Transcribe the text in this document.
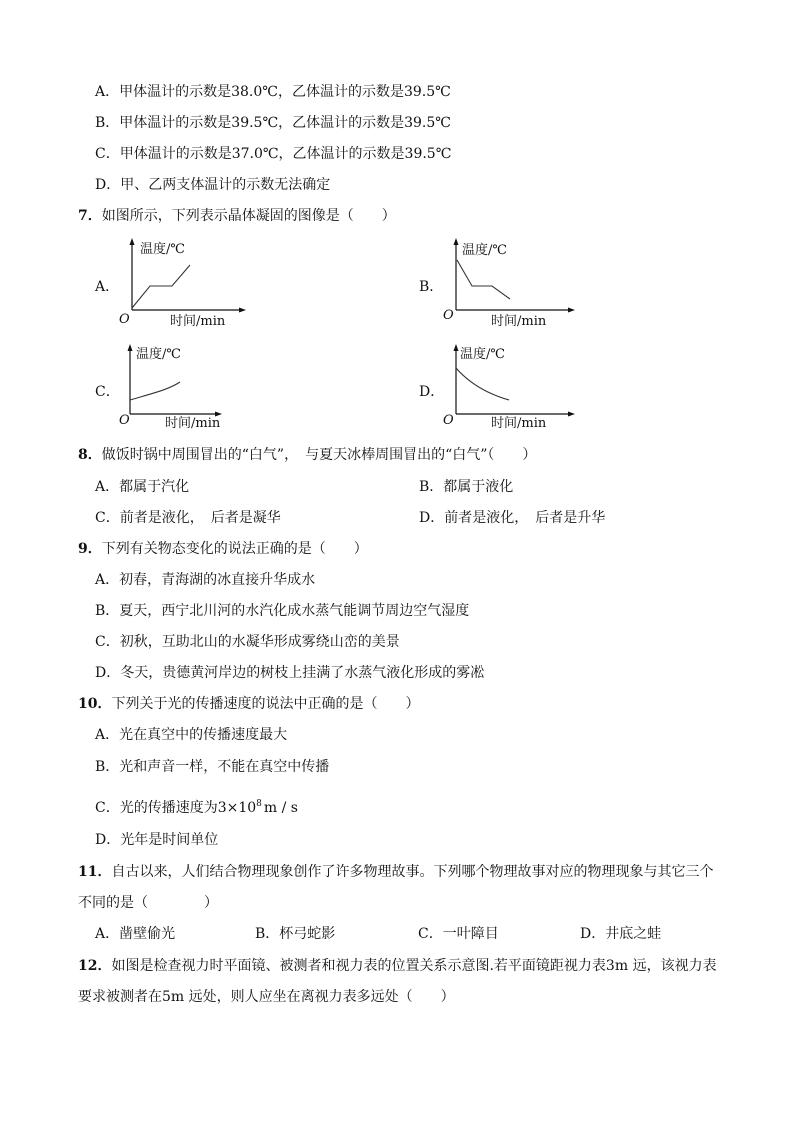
A．甲体温计的示数是38.0℃，乙体温计的示数是39.5℃
B．甲体温计的示数是39.5℃，乙体温计的示数是39.5℃
C．甲体温计的示数是37.0℃，乙体温计的示数是39.5℃
D．甲、乙两支体温计的示数无法确定
7．如图所示，下列表示晶体凝固的图像是（　　）
A．
温度/℃
时间/min
O
B．
温度/℃
时间/min
O
C．
温度/℃
时间/min
O
D．
温度/℃
时间/min
O
8．做饭时锅中周围冒出的“白气”，　与夏天冰棒周围冒出的“白气”（　　）
A．都属于汽化	B．都属于液化
C．前者是液化，　后者是凝华	D．前者是液化，　后者是升华
9．下列有关物态变化的说法正确的是（　　）
A．初春，青海湖的冰直接升华成水
B．夏天，西宁北川河的水汽化成水蒸气能调节周边空气湿度
C．初秋，互助北山的水凝华形成雾绕山峦的美景
D．冬天，贵德黄河岸边的树枝上挂满了水蒸气液化形成的雾凇
10．下列关于光的传播速度的说法中正确的是（　　）
A．光在真空中的传播速度最大
B．光和声音一样，不能在真空中传播
C．光的传播速度为$3\times 10^8$ m / s
D．光年是时间单位
11．自古以来，人们结合物理现象创作了许多物理故事。下列哪个物理故事对应的物理现象与其它三个
不同的是（　　　　）
A．凿壁偷光	B．杯弓蛇影	C．一叶障目	D．井底之蛙
12．如图是检查视力时平面镜、被测者和视力表的位置关系示意图.若平面镜距视力表3m 远，该视力表
要求被测者在5m 远处，则人应坐在离视力表多远处（　　）
